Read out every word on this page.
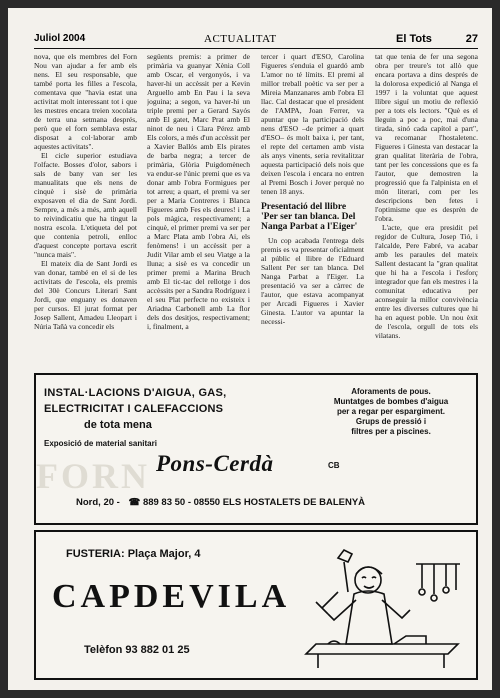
Juliol 2004	ACTUALITAT	El Tots	27

nova, que els membres del Forn Nou van ajudar a fer amb els nens. El seu responsable, que també porta les filles a l'escola, comentava que "havia estat una activitat molt interessant tot i que les mestres encara treien xocolata de terra una setmana després, però que el forn semblava estar disposat a col·laborar amb aquestes activitats".

El cicle superior estudiava l'olfacte. Bosses d'olor, sabors i sals de bany van ser les manualitats que els nens de cinquè i sisè de primària exposaven el dia de Sant Jordi. Sempre, a més a més, amb aquell to reivindicatiu que ha tingut la nostra escola. L'etiqueta del pot que contenia petroli, enlloc d'aquest concepte portava escrit "nunca mais".

El mateix dia de Sant Jordi es van donar, també en el si de les activitats de l'escola, els premis del 30è Concurs Literari Sant Jordi, que enguany es donaven per cursos. El jurat format per Josep Sallent, Amadeu Lleopart i Núria Tañà va concedir els

següents premis: a primer de primària va guanyar Xènia Coll amb Oscar, el vergonyós, i va haver-hi un accèssit per a Kevin Arguello amb En Pau i la seva joguina; a segon, va haver-hi un triple premi per a Gerard Sayós amb El gatet, Marc Prat amb El ninot de neu i Clara Pérez amb Els colors, a més d'un accèssit per a Xavier Ballós amb Els pirates de barba negra; a tercer de primària, Glòria Puigdomènech va endur-se l'únic premi que es va donar amb l'obra Formigues per tot arreu; a quart, el premi va ser per a Maria Contreres i Blanca Figueres amb Fes els deures! i La pols màgica, respectivament; a cinquè, el primer premi va ser per a Marc Plata amb l'obra Ai, els fenòmens! i un accèssit per a Judit Vilar amb el seu Viatge a la lluna; a sisè es va concedir un primer premi a Marina Bruch amb El tic-tac del rellotge i dos accèssits per a Sandra Rodríguez i el seu Plat perfecte no existeix i Ariadna Carbonell amb La flor dels dos desitjos, respectivament; i, finalment, a

tercer i quart d'ESO, Carolina Figueres s'enduia el guardó amb L'amor no té límits. El premi al millor treball poètic va ser per a Mireia Manzanares amb l'obra El llac. Cal destacar que el president de l'AMPA, Joan Ferrer, va apuntar que la participació dels nens d'ESO –de primer a quart d'ESO– és molt baixa i, per tant, el repte del certamen amb vista als anys vinents, seria revitalitzar aquesta participació dels nois que deixen l'escola i encara no entren al Premi Bosch i Jover perquè no tenen 18 anys.

Presentació del llibre 'Per ser tan blanca. Del Nanga Parbat a l'Eiger'

Un cop acabada l'entrega dels premis es va presentar oficialment al públic el llibre de l'Eduard Sallent Per ser tan blanca. Del Nanga Parbat a l'Eiger. La presentació va ser a càrrec de l'autor, que estava acompanyat per Arcadi Figueres i Xavier Ginesta. L'autor va apuntar la necessi-

tat que tenia de fer una segona obra per treure's tot allò que encara portava a dins després de la dolorosa expedició al Nanga el 1997 i la voluntat que aquest llibre siguí un motiu de reflexió per a tots els lectors. "Què es el lleguin a poc a poc, mai d'una tirada, sinó cada capítol a part", va recomanar l'hostaletenc. Figueres i Ginesta van destacar la gran qualitat literària de l'obra, tant per les concessions que es fa l'autor, que demostren la progressió que fa l'alpinista en el món literari, com per les descripcions ben fetes i l'optimisme que es desprèn de l'obra.

L'acte, que era presidit pel regidor de Cultura, Josep Tió, i l'alcalde, Pere Fabré, va acabar amb les paraules del mateix Sallent destacant la "gran qualitat que hi ha a l'escola i l'esforç integrador que fan els mestres i la comunitat educativa per aconseguir la millor convivència entre les diverses cultures que hi ha en aquest poble. Un nou èxit de l'escola, orgull de tots els vilatans.

FORN
INSTAL·LACIONS D'AIGUA, GAS,
ELECTRICITAT I CALEFACCIONS
de tota mena
Exposició de material sanitari
Aforaments de pous.
Muntatges de bombes d'aigua
per a regar per espargiment.
Grups de pressió i
filtres per a piscines.
Pons-Cerdà	CB
Nord, 20 - ☎ 889 83 50 - 08550 ELS HOSTALETS DE BALENYÀ
FUSTERIA: Plaça Major, 4
CAPDEVILA
Telèfon 93 882 01 25
